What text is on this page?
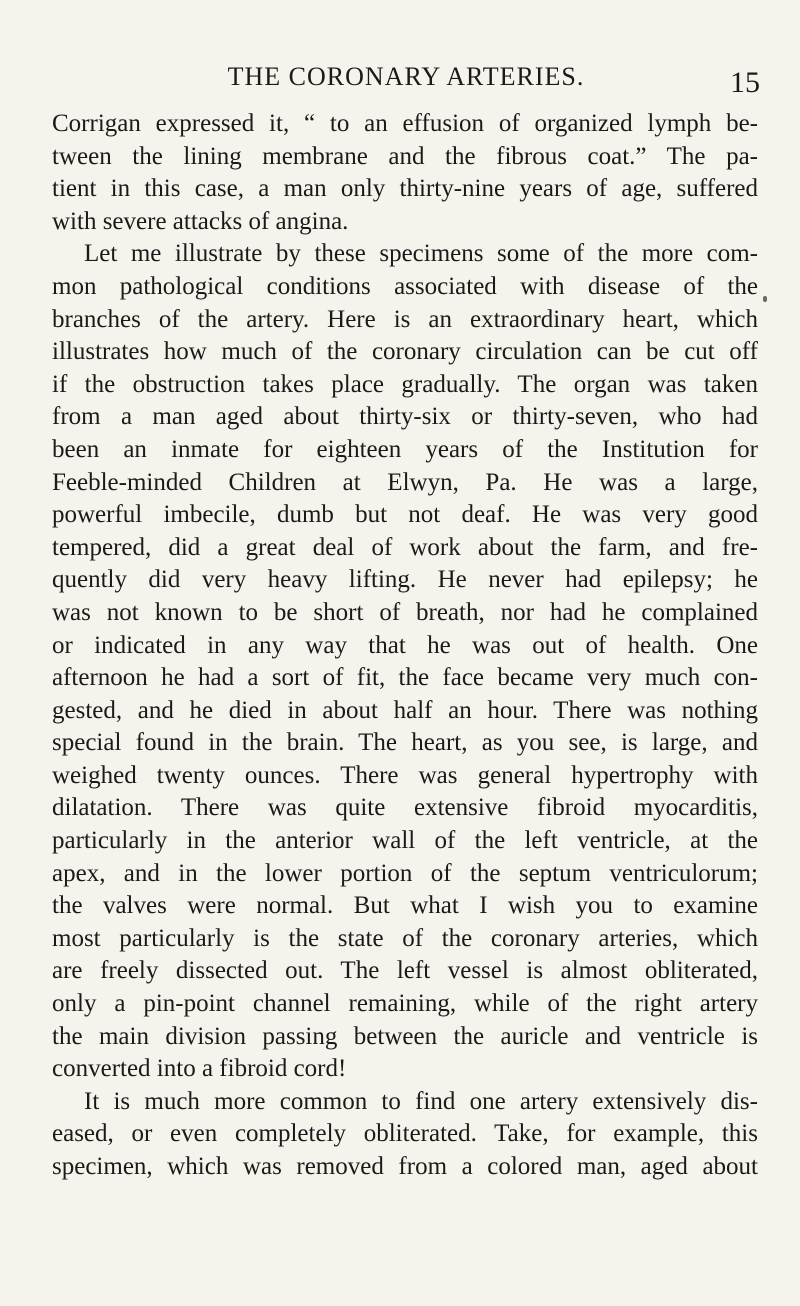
THE CORONARY ARTERIES.	15
Corrigan expressed it, “ to an effusion of organized lymph be-
tween the lining membrane and the fibrous coat.” The pa-
tient in this case, a man only thirty-nine years of age, suffered
with severe attacks of angina.
Let me illustrate by these specimens some of the more com-
mon pathological conditions associated with disease of the
branches of the artery. Here is an extraordinary heart, which
illustrates how much of the coronary circulation can be cut off
if the obstruction takes place gradually. The organ was taken
from a man aged about thirty-six or thirty-seven, who had
been an inmate for eighteen years of the Institution for
Feeble-minded Children at Elwyn, Pa. He was a large,
powerful imbecile, dumb but not deaf. He was very good
tempered, did a great deal of work about the farm, and fre-
quently did very heavy lifting. He never had epilepsy; he
was not known to be short of breath, nor had he complained
or indicated in any way that he was out of health. One
afternoon he had a sort of fit, the face became very much con-
gested, and he died in about half an hour. There was nothing
special found in the brain. The heart, as you see, is large, and
weighed twenty ounces. There was general hypertrophy with
dilatation. There was quite extensive fibroid myocarditis,
particularly in the anterior wall of the left ventricle, at the
apex, and in the lower portion of the septum ventriculorum;
the valves were normal. But what I wish you to examine
most particularly is the state of the coronary arteries, which
are freely dissected out. The left vessel is almost obliterated,
only a pin-point channel remaining, while of the right artery
the main division passing between the auricle and ventricle is
converted into a fibroid cord!
It is much more common to find one artery extensively dis-
eased, or even completely obliterated. Take, for example, this
specimen, which was removed from a colored man, aged about
